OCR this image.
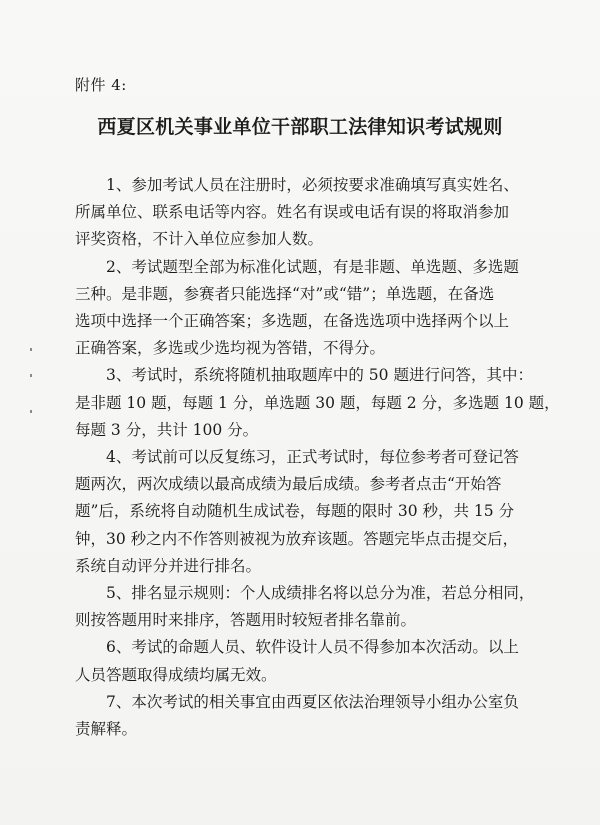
附件 4:
西夏区机关事业单位干部职工法律知识考试规则

1、参加考试人员在注册时，必须按要求准确填写真实姓名、
所属单位、联系电话等内容。姓名有误或电话有误的将取消参加
评奖资格，不计入单位应参加人数。

2、考试题型全部为标准化试题，有是非题、单选题、多选题
三种。是非题，参赛者只能选择“对”或“错”；单选题，在备选
选项中选择一个正确答案；多选题，在备选选项中选择两个以上
正确答案，多选或少选均视为答错，不得分。

3、考试时，系统将随机抽取题库中的 50 题进行问答，其中：
是非题 10 题，每题 1 分，单选题 30 题，每题 2 分，多选题 10 题，
每题 3 分，共计 100 分。

4、考试前可以反复练习，正式考试时，每位参考者可登记答
题两次，两次成绩以最高成绩为最后成绩。参考者点击“开始答
题”后，系统将自动随机生成试卷，每题的限时 30 秒，共 15 分
钟，30 秒之内不作答则被视为放弃该题。答题完毕点击提交后，
系统自动评分并进行排名。

5、排名显示规则：个人成绩排名将以总分为准，若总分相同，
则按答题用时来排序，答题用时较短者排名靠前。

6、考试的命题人员、软件设计人员不得参加本次活动。以上
人员答题取得成绩均属无效。

7、本次考试的相关事宜由西夏区依法治理领导小组办公室负
责解释。
